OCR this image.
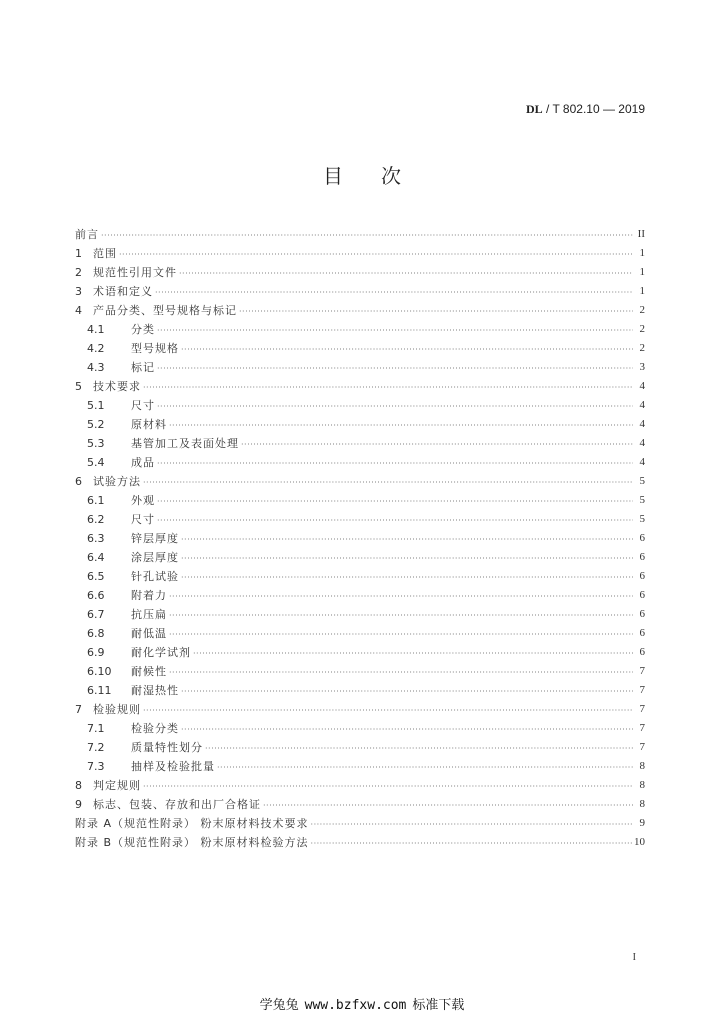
DL / T 802.10 — 2019
目次
前言 ·····	II
1	范围 ·····	1
2	规范性引用文件 ·····	1
3	术语和定义 ·····	1
4	产品分类、型号规格与标记 ·····	2
4.1	分类 ·····	2
4.2	型号规格 ·····	2
4.3	标记 ·····	3
5	技术要求 ·····	4
5.1	尺寸 ·····	4
5.2	原材料 ·····	4
5.3	基管加工及表面处理 ·····	4
5.4	成品 ·····	4
6	试验方法 ·····	5
6.1	外观 ·····	5
6.2	尺寸 ·····	5
6.3	锌层厚度 ·····	6
6.4	涂层厚度 ·····	6
6.5	针孔试验 ·····	6
6.6	附着力 ·····	6
6.7	抗压扁 ·····	6
6.8	耐低温 ·····	6
6.9	耐化学试剂 ·····	6
6.10	耐候性 ·····	7
6.11	耐湿热性 ·····	7
7	检验规则 ·····	7
7.1	检验分类 ·····	7
7.2	质量特性划分 ·····	7
7.3	抽样及检验批量 ·····	8
8	判定规则 ·····	8
9	标志、包装、存放和出厂合格证 ·····	8
附录 A（规范性附录） 粉末原材料技术要求 ·····	9
附录 B（规范性附录） 粉末原材料检验方法 ·····	10
I
学兔兔 www.bzfxw.com 标准下载
